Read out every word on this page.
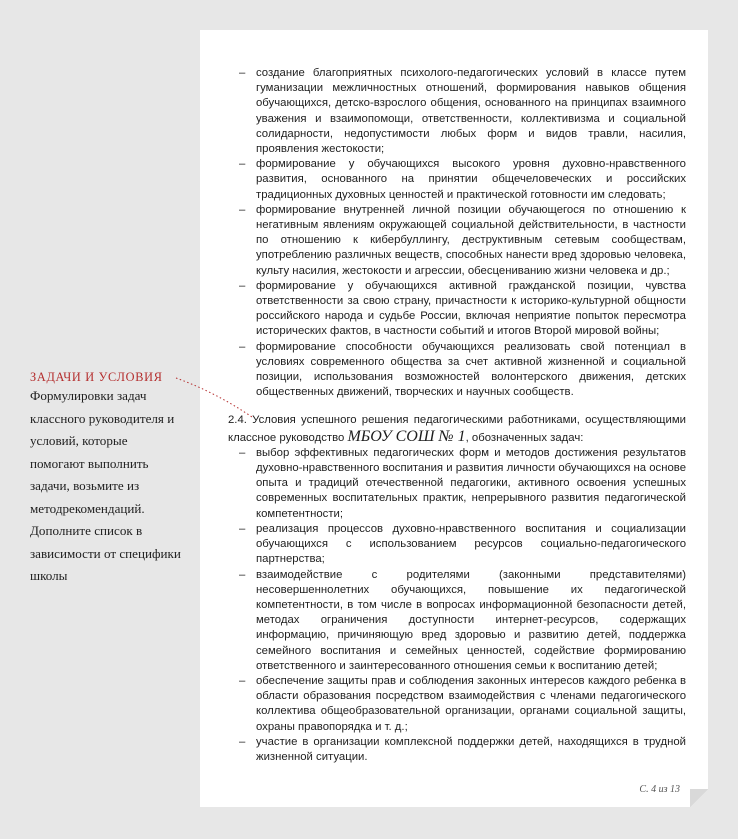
ЗАДАЧИ И УСЛОВИЯ
Формулировки задач классного руководителя и условий, которые помогают выполнить задачи, возьмите из методрекомендаций. Дополните список в зависимости от специфики школы
– создание благоприятных психолого-педагогических условий в классе путем гуманизации межличностных отношений, формирования навыков общения обучающихся, детско-взрослого общения, основанного на принципах взаимного уважения и взаимопомощи, ответственности, коллективизма и социальной солидарности, недопустимости любых форм и видов травли, насилия, проявления жестокости;
– формирование у обучающихся высокого уровня духовно-нравственного развития, основанного на принятии общечеловеческих и российских традиционных духовных ценностей и практической готовности им следовать;
– формирование внутренней личной позиции обучающегося по отношению к негативным явлениям окружающей социальной действительности, в частности по отношению к кибербуллингу, деструктивным сетевым сообществам, употреблению различных веществ, способных нанести вред здоровью человека, культу насилия, жестокости и агрессии, обесцениванию жизни человека и др.;
– формирование у обучающихся активной гражданской позиции, чувства ответственности за свою страну, причастности к историко-культурной общности российского народа и судьбе России, включая неприятие попыток пересмотра исторических фактов, в частности событий и итогов Второй мировой войны;
– формирование способности обучающихся реализовать свой потенциал в условиях современного общества за счет активной жизненной и социальной позиции, использования возможностей волонтерского движения, детских общественных движений, творческих и научных сообществ.
2.4. Условия успешного решения педагогическими работниками, осуществляющими классное руководство МБОУ СОШ № 1, обозначенных задач:
– выбор эффективных педагогических форм и методов достижения результатов духовно-нравственного воспитания и развития личности обучающихся на основе опыта и традиций отечественной педагогики, активного освоения успешных современных воспитательных практик, непрерывного развития педагогической компетентности;
– реализация процессов духовно-нравственного воспитания и социализации обучающихся с использованием ресурсов социально-педагогического партнерства;
– взаимодействие с родителями (законными представителями) несовершеннолетних обучающихся, повышение их педагогической компетентности, в том числе в вопросах информационной безопасности детей, методах ограничения доступности интернет-ресурсов, содержащих информацию, причиняющую вред здоровью и развитию детей, поддержка семейного воспитания и семейных ценностей, содействие формированию ответственного и заинтересованного отношения семьи к воспитанию детей;
– обеспечение защиты прав и соблюдения законных интересов каждого ребенка в области образования посредством взаимодействия с членами педагогического коллектива общеобразовательной организации, органами социальной защиты, охраны правопорядка и т. д.;
– участие в организации комплексной поддержки детей, находящихся в трудной жизненной ситуации.
С. 4 из 13
